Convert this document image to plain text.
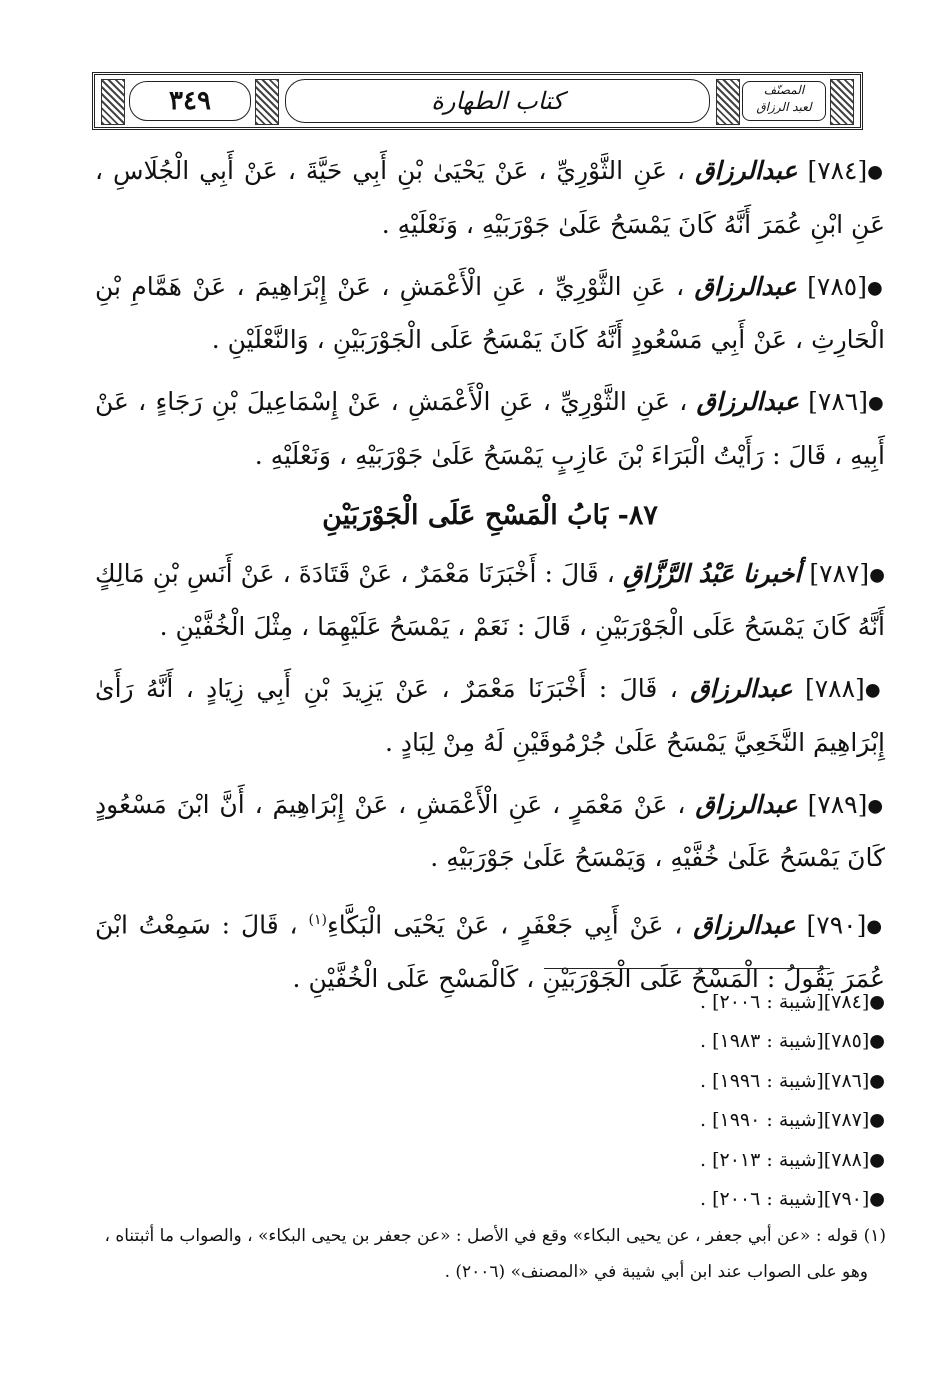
المصنّف
لعبد الرزاق
كتاب الطهارة
٣٤٩

●[٧٨٤] عبدالرزاق ، عَنِ الثَّوْرِيِّ ، عَنْ يَحْيَىٰ بْنِ أَبِي حَيَّةَ ، عَنْ أَبِي الْجُلَاسِ ، عَنِ ابْنِ عُمَرَ أَنَّهُ كَانَ يَمْسَحُ عَلَىٰ جَوْرَبَيْهِ ، وَنَعْلَيْهِ .

●[٧٨٥] عبدالرزاق ، عَنِ الثَّوْرِيِّ ، عَنِ الْأَعْمَشِ ، عَنْ إِبْرَاهِيمَ ، عَنْ هَمَّامِ بْنِ الْحَارِثِ ، عَنْ أَبِي مَسْعُودٍ أَنَّهُ كَانَ يَمْسَحُ عَلَى الْجَوْرَبَيْنِ ، وَالنَّعْلَيْنِ .

●[٧٨٦] عبدالرزاق ، عَنِ الثَّوْرِيِّ ، عَنِ الْأَعْمَشِ ، عَنْ إِسْمَاعِيلَ بْنِ رَجَاءٍ ، عَنْ أَبِيهِ ، قَالَ : رَأَيْتُ الْبَرَاءَ بْنَ عَازِبٍ يَمْسَحُ عَلَىٰ جَوْرَبَيْهِ ، وَنَعْلَيْهِ .

٨٧- بَابُ الْمَسْحِ عَلَى الْجَوْرَبَيْنِ

●[٧٨٧] أخبرنا عَبْدُ الرَّزَّاقِ ، قَالَ : أَخْبَرَنَا مَعْمَرٌ ، عَنْ قَتَادَةَ ، عَنْ أَنَسِ بْنِ مَالِكٍ أَنَّهُ كَانَ يَمْسَحُ عَلَى الْجَوْرَبَيْنِ ، قَالَ : نَعَمْ ، يَمْسَحُ عَلَيْهِمَا ، مِثْلَ الْخُفَّيْنِ .

●[٧٨٨] عبدالرزاق ، قَالَ : أَخْبَرَنَا مَعْمَرٌ ، عَنْ يَزِيدَ بْنِ أَبِي زِيَادٍ ، أَنَّهُ رَأَىٰ إِبْرَاهِيمَ النَّخَعِيَّ يَمْسَحُ عَلَىٰ جُرْمُوقَيْنِ لَهُ مِنْ لِبَادٍ .

●[٧٨٩] عبدالرزاق ، عَنْ مَعْمَرٍ ، عَنِ الْأَعْمَشِ ، عَنْ إِبْرَاهِيمَ ، أَنَّ ابْنَ مَسْعُودٍ كَانَ يَمْسَحُ عَلَىٰ خُفَّيْهِ ، وَيَمْسَحُ عَلَىٰ جَوْرَبَيْهِ .

●[٧٩٠] عبدالرزاق ، عَنْ أَبِي جَعْفَرٍ ، عَنْ يَحْيَى الْبَكَّاءِ$^{(١)}$ ، قَالَ : سَمِعْتُ ابْنَ عُمَرَ يَقُولُ : الْمَسْحُ عَلَى الْجَوْرَبَيْنِ ، كَالْمَسْحِ عَلَى الْخُفَّيْنِ .

●[٧٨٤][شيبة : ٢٠٠٦] .
●[٧٨٥][شيبة : ١٩٨٣] .
●[٧٨٦][شيبة : ١٩٩٦] .
●[٧٨٧][شيبة : ١٩٩٠] .
●[٧٨٨][شيبة : ٢٠١٣] .
●[٧٩٠][شيبة : ٢٠٠٦] .
(١) قوله : «عن أبي جعفر ، عن يحيى البكاء» وقع في الأصل : «عن جعفر بن يحيى البكاء» ، والصواب ما أثبتناه ،
وهو على الصواب عند ابن أبي شيبة في «المصنف» (٢٠٠٦) .
